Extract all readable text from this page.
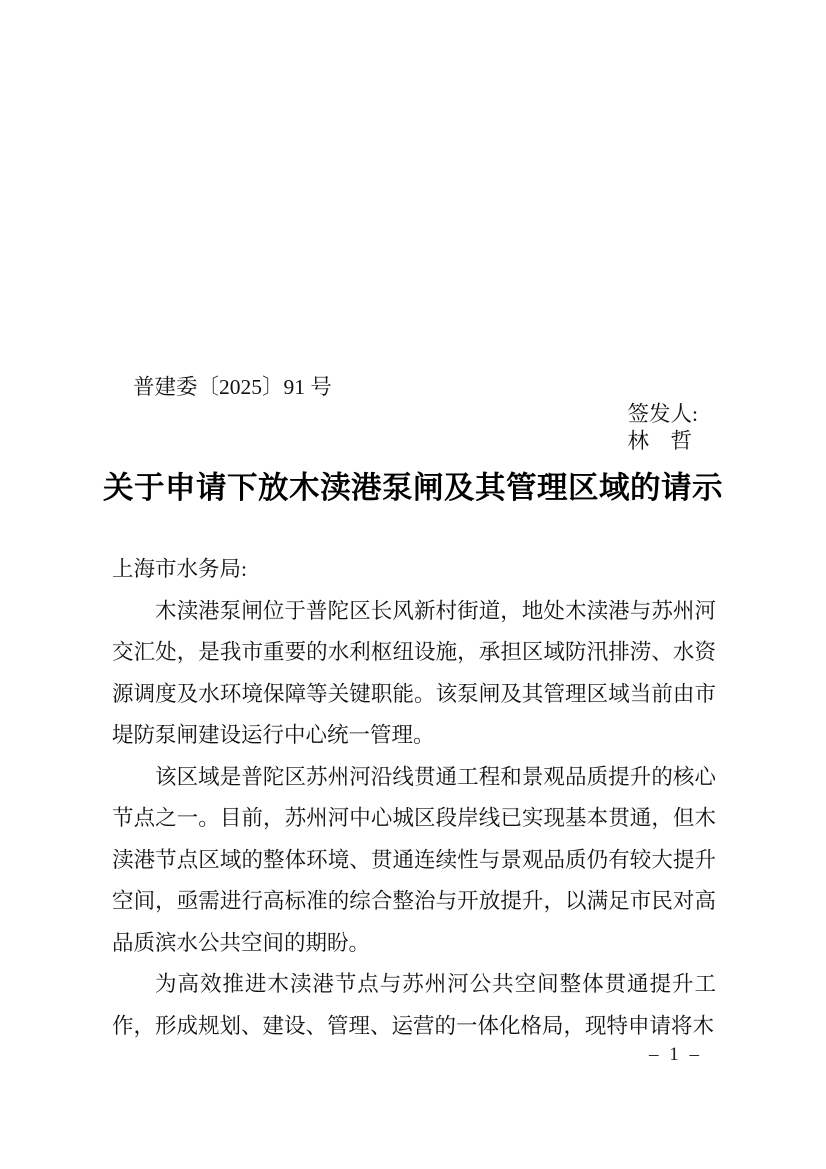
普建委〔2025〕91 号

签发人:
林　哲

关于申请下放木渎港泵闸及其管理区域的请示

上海市水务局:

木渎港泵闸位于普陀区长风新村街道，地处木渎港与苏州河交汇处，是我市重要的水利枢纽设施，承担区域防汛排涝、水资源调度及水环境保障等关键职能。该泵闸及其管理区域当前由市堤防泵闸建设运行中心统一管理。

该区域是普陀区苏州河沿线贯通工程和景观品质提升的核心节点之一。目前，苏州河中心城区段岸线已实现基本贯通，但木渎港节点区域的整体环境、贯通连续性与景观品质仍有较大提升空间，亟需进行高标准的综合整治与开放提升，以满足市民对高品质滨水公共空间的期盼。

为高效推进木渎港节点与苏州河公共空间整体贯通提升工作，形成规划、建设、管理、运营的一体化格局，现特申请将木

– 1 –
